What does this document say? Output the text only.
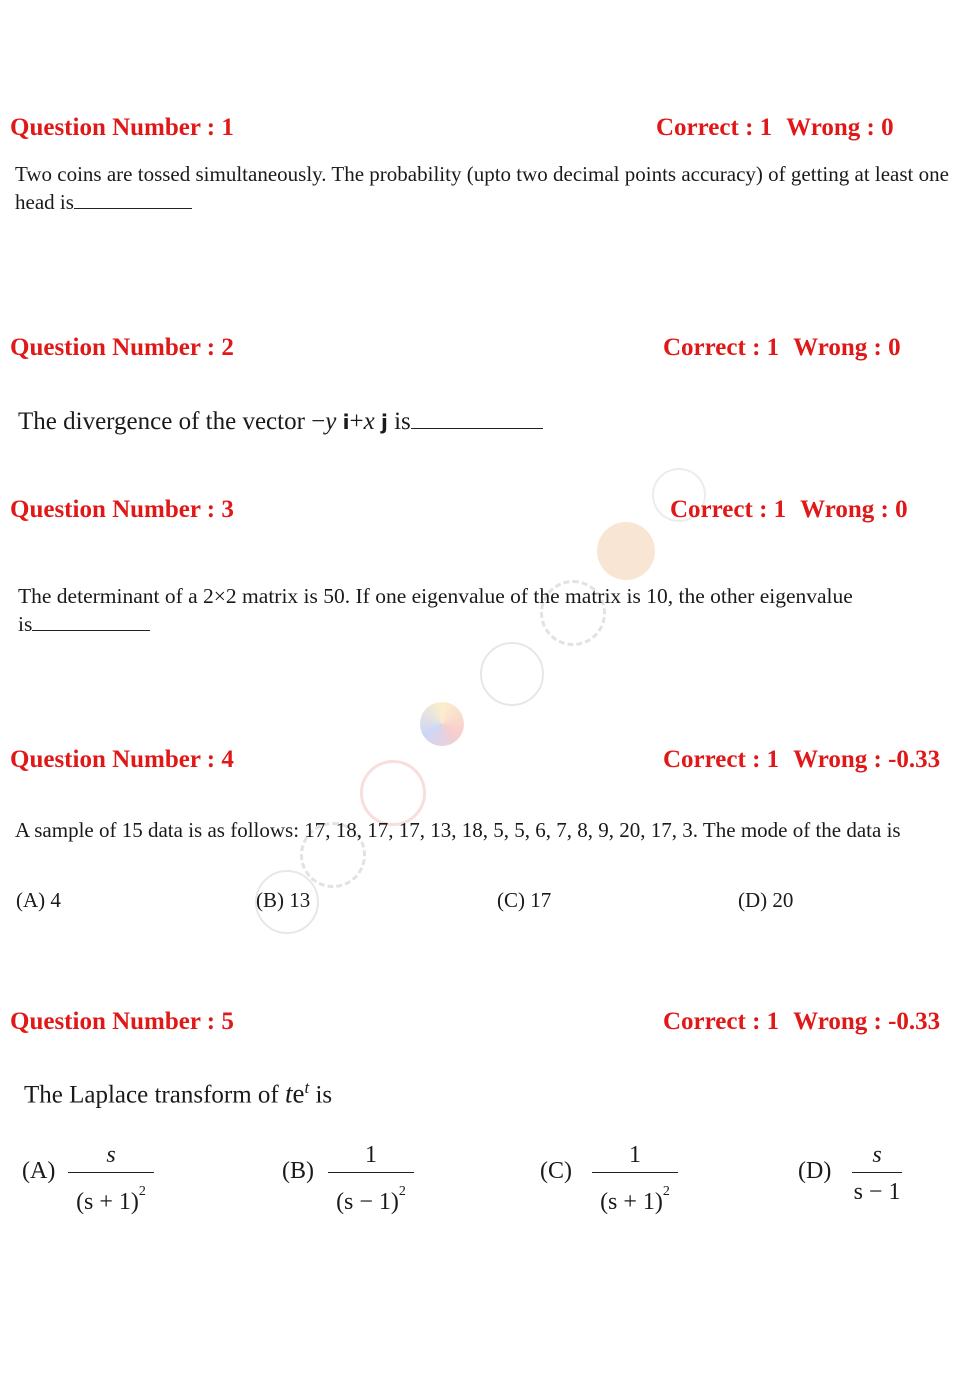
Question Number : 1	Correct : 1 Wrong : 0
Two coins are tossed simultaneously. The probability (upto two decimal points accuracy) of getting at least one head is
Question Number : 2	Correct : 1 Wrong : 0
The divergence of the vector −y i+x j is
Question Number : 3	Correct : 1 Wrong : 0
The determinant of a 2×2 matrix is 50. If one eigenvalue of the matrix is 10, the other eigenvalue
is
Question Number : 4	Correct : 1 Wrong : -0.33
A sample of 15 data is as follows: 17, 18, 17, 17, 13, 18, 5, 5, 6, 7, 8, 9, 20, 17, 3. The mode of the data is
(A) 4	(B) 13	(C) 17	(D) 20
Question Number : 5	Correct : 1 Wrong : -0.33
The Laplace transform of $te^t$ is
(A)
s
$(s + 1)^2$
(B)
1
$(s - 1)^2$
(C)
1
$(s + 1)^2$
(D)
s
s − 1
